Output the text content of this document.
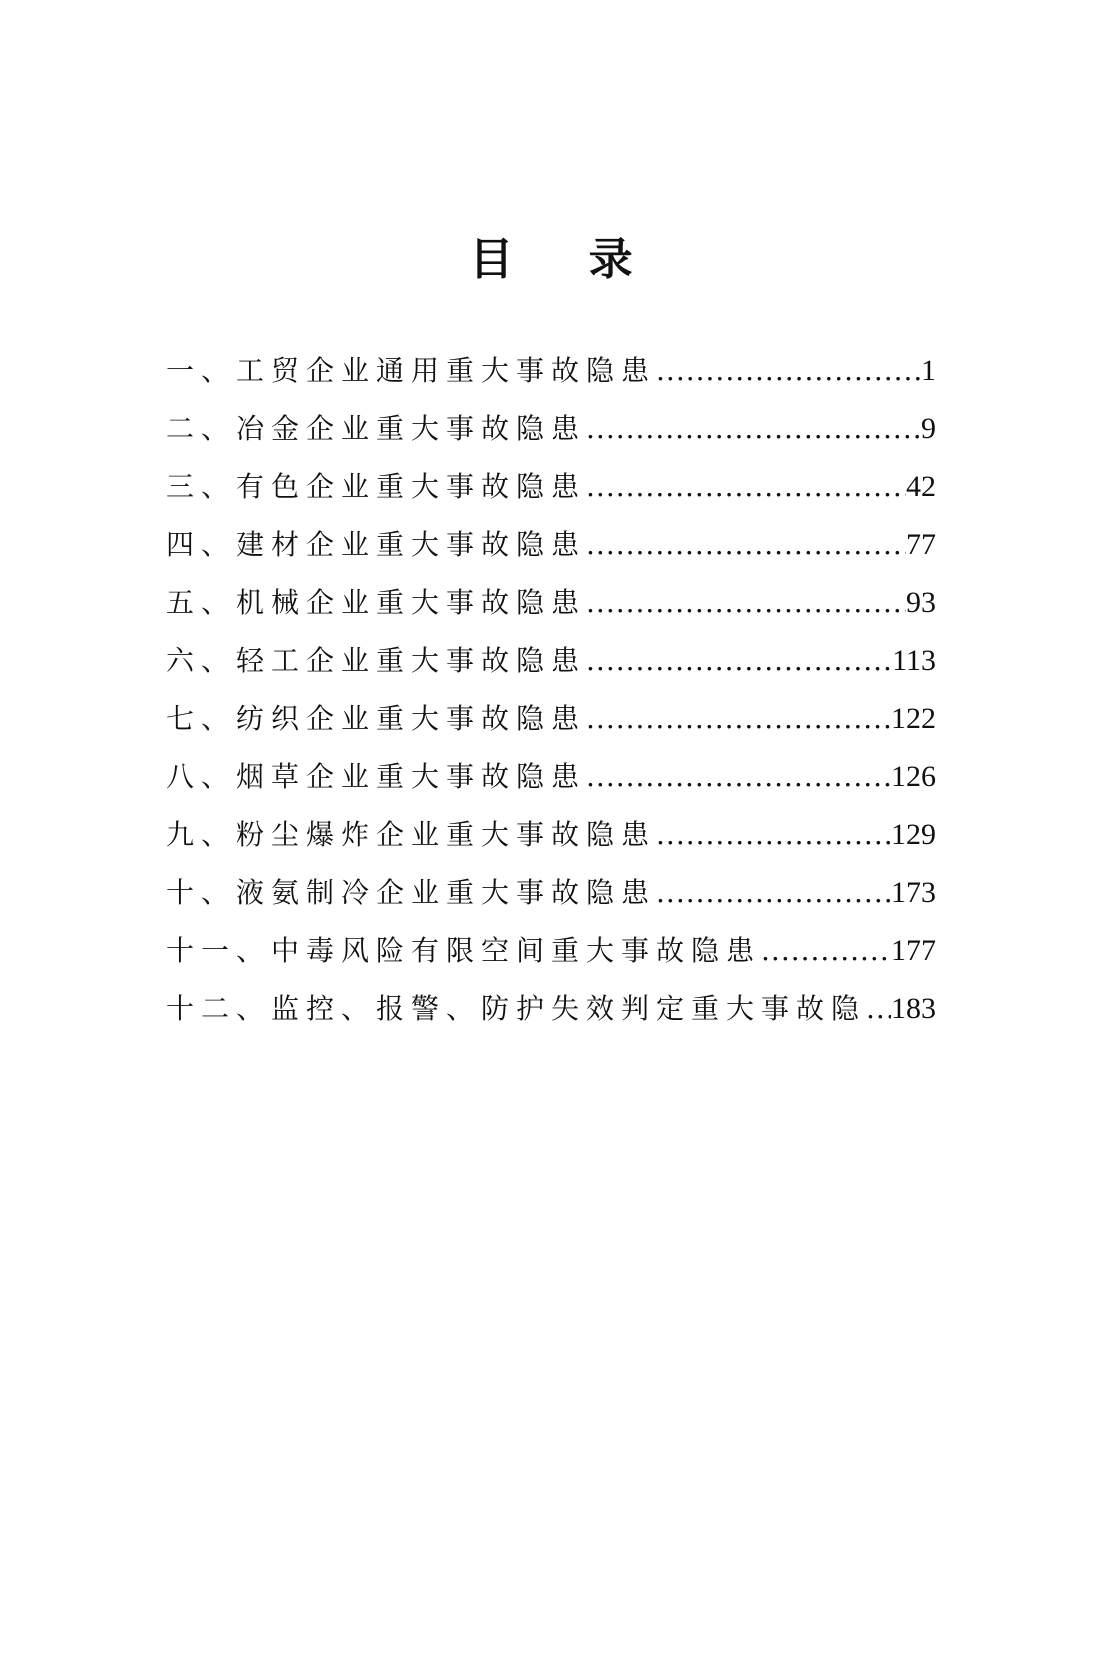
目 录
一、工贸企业通用重大事故隐患 .....	1
二、冶金企业重大事故隐患 .....	9
三、有色企业重大事故隐患 .....	42
四、建材企业重大事故隐患 .....	77
五、机械企业重大事故隐患 .....	93
六、轻工企业重大事故隐患 .....	113
七、纺织企业重大事故隐患 .....	122
八、烟草企业重大事故隐患 .....	126
九、粉尘爆炸企业重大事故隐患 .....	129
十、液氨制冷企业重大事故隐患 .....	173
十一、中毒风险有限空间重大事故隐患 .....	177
十二、监控、报警、防护失效判定重大事故隐 ..... 183
